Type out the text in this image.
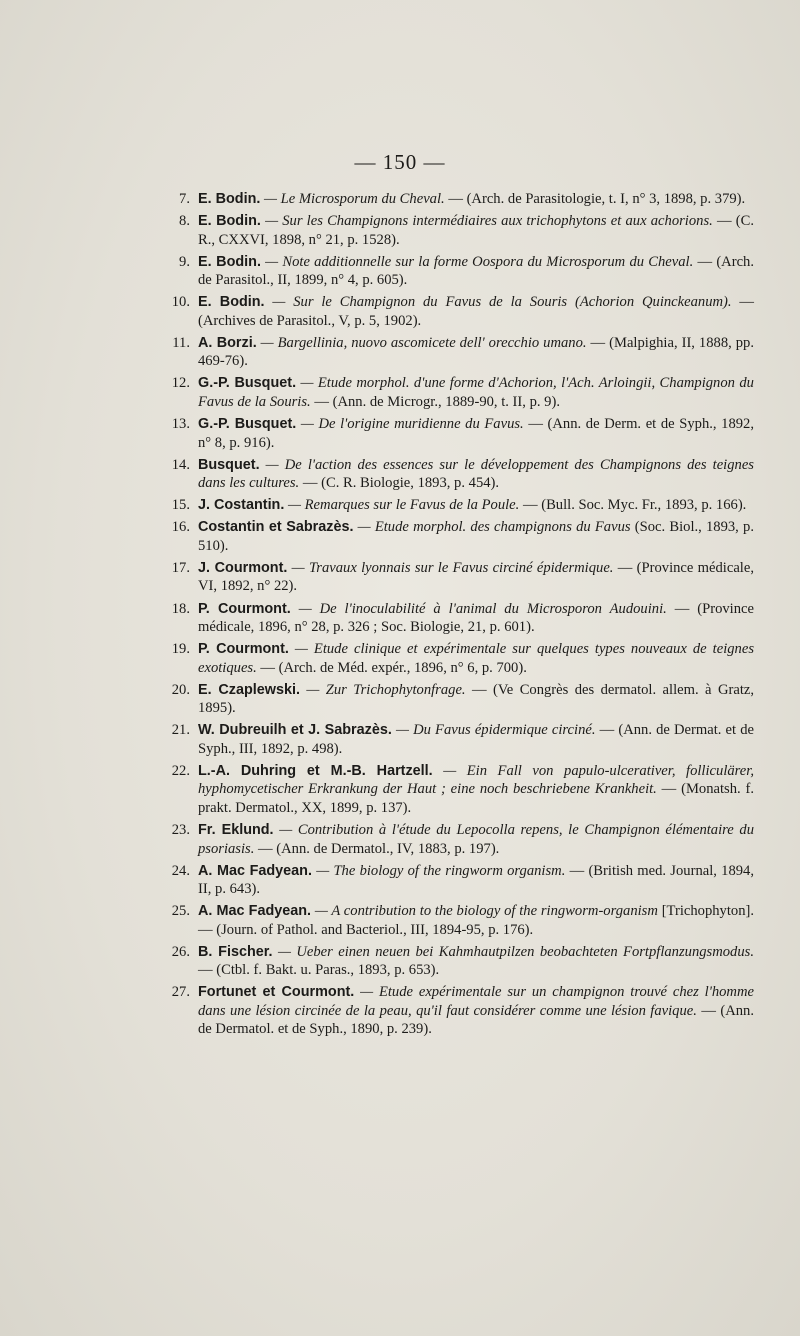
— 150 —
7. E. Bodin. — Le Microsporum du Cheval. — (Arch. de Parasitologie, t. I, n° 3, 1898, p. 379).
8. E. Bodin. — Sur les Champignons intermédiaires aux trichophytons et aux achorions. — (C. R., CXXVI, 1898, n° 21, p. 1528).
9. E. Bodin. — Note additionnelle sur la forme Oospora du Microsporum du Cheval. — (Arch. de Parasitol., II, 1899, n° 4, p. 605).
10. E. Bodin. — Sur le Champignon du Favus de la Souris (Achorion Quinckeanum). — (Archives de Parasitol., V, p. 5, 1902).
11. A. Borzi. — Bargellinia, nuovo ascomicete dell' orecchio umano. — (Malpighia, II, 1888, pp. 469-76).
12. G.-P. Busquet. — Etude morphol. d'une forme d'Achorion, l'Ach. Arloingii, Champignon du Favus de la Souris. — (Ann. de Microgr., 1889-90, t. II, p. 9).
13. G.-P. Busquet. — De l'origine muridienne du Favus. — (Ann. de Derm. et de Syph., 1892, n° 8, p. 916).
14. Busquet. — De l'action des essences sur le développement des Champignons des teignes dans les cultures. — (C. R. Biologie, 1893, p. 454).
15. J. Costantin. — Remarques sur le Favus de la Poule. — (Bull. Soc. Myc. Fr., 1893, p. 166).
16. Costantin et Sabrazès. — Etude morphol. des champignons du Favus (Soc. Biol., 1893, p. 510).
17. J. Courmont. — Travaux lyonnais sur le Favus circiné épidermique. — (Province médicale, VI, 1892, n° 22).
18. P. Courmont. — De l'inoculabilité à l'animal du Microsporon Audouini. — (Province médicale, 1896, n° 28, p. 326 ; Soc. Biologie, 21, p. 601).
19. P. Courmont. — Etude clinique et expérimentale sur quelques types nouveaux de teignes exotiques. — (Arch. de Méd. expér., 1896, n° 6, p. 700).
20. E. Czaplewski. — Zur Trichophytonfrage. — (Ve Congrès des dermatol. allem. à Gratz, 1895).
21. W. Dubreuilh et J. Sabrazès. — Du Favus épidermique circiné. — (Ann. de Dermat. et de Syph., III, 1892, p. 498).
22. L.-A. Duhring et M.-B. Hartzell. — Ein Fall von papulo-ulcerativer, folliculärer, hyphomycetischer Erkrankung der Haut ; eine noch beschriebene Krankheit. — (Monatsh. f. prakt. Dermatol., XX, 1899, p. 137).
23. Fr. Eklund. — Contribution à l'étude du Lepocolla repens, le Champignon élémentaire du psoriasis. — (Ann. de Dermatol., IV, 1883, p. 197).
24. A. Mac Fadyean. — The biology of the ringworm organism. — (British med. Journal, 1894, II, p. 643).
25. A. Mac Fadyean. — A contribution to the biology of the ringworm-organism [Trichophyton]. — (Journ. of Pathol. and Bacteriol., III, 1894-95, p. 176).
26. B. Fischer. — Ueber einen neuen bei Kahmhautpilzen beobachteten Fortpflanzungsmodus. — (Ctbl. f. Bakt. u. Paras., 1893, p. 653).
27. Fortunet et Courmont. — Etude expérimentale sur un champignon trouvé chez l'homme dans une lésion circinée de la peau, qu'il faut considérer comme une lésion favique. — (Ann. de Dermatol. et de Syph., 1890, p. 239).
